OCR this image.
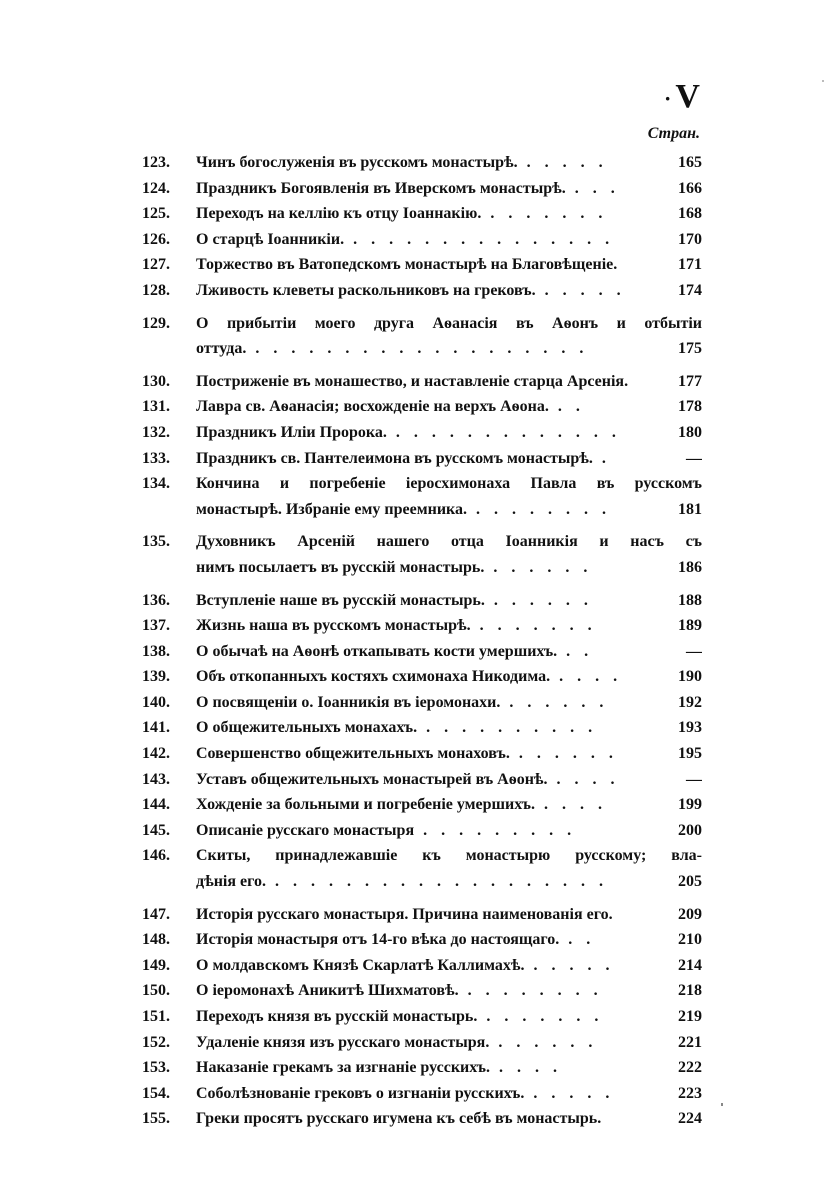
· V
Стран.
123.	Чинъ богослуженія въ русскомъ монастырѣ. . . . . .	165
124.	Праздникъ Богоявленія въ Иверскомъ монастырѣ. . . .	166
125.	Переходъ на келлію къ отцу Іоаннакію. . . . . . . .	168
126.	О старцѣ Іоанникіи. . . . . . . . . . . . . . . .	170
127.	Торжество въ Ватопедскомъ монастырѣ на Благовѣщеніе.	171
128.	Лживость клеветы раскольниковъ на грековъ. . . . . .	174
129.	О прибытіи моего друга Аѳанасія въ Аѳонъ и отбытіи
оттуда. . . . . . . . . . . . . . . . . . . .	175
130.	Постриженіе въ монашество, и наставленіе старца Арсенія.	177
131.	Лавра св. Аѳанасія; восхожденіе на верхъ Аѳона. . .	178
132.	Праздникъ Иліи Пророка. . . . . . . . . . . . . .	180
133.	Праздникъ св. Пантелеимона въ русскомъ монастырѣ. .	—
134.	Кончина и погребеніе іеросхимонаха Павла въ русскомъ
монастырѣ. Избраніе ему преемника. . . . . . . . .	181
135.	Духовникъ Арсеній нашего отца Іоанникія и насъ съ
нимъ посылаетъ въ русскій монастырь. . . . . . .	186
136.	Вступленіе наше въ русскій монастырь. . . . . . .	188
137.	Жизнь наша въ русскомъ монастырѣ. . . . . . . .	189
138.	О обычаѣ на Аѳонѣ откапывать кости умершихъ. . .	—
139.	Объ откопанныхъ костяхъ схимонаха Никодима. . . . .	190
140.	О посвященіи о. Іоанникія въ іеромонахи. . . . . . .	192
141.	О общежительныхъ монахахъ. . . . . . . . . . .	193
142.	Совершенство общежительныхъ монаховъ. . . . . . .	195
143.	Уставъ общежительныхъ монастырей въ Аѳонѣ. . . . .	—
144.	Хожденіе за больными и погребеніе умершихъ. . . . .	199
145.	Описаніе русскаго монастыря . . . . . . . . .	200
146.	Скиты, принадлежавшіе къ монастырю русскому; вла-
дѣнія его. . . . . . . . . . . . . . . . . . . .	205
147.	Исторія русскаго монастыря. Причина наименованія его.	209
148.	Исторія монастыря отъ 14-го вѣка до настоящаго. . .	210
149.	О молдавскомъ Князѣ Скарлатѣ Каллимахѣ. . . . . .	214
150.	О іеромонахѣ Аникитѣ Шихматовѣ. . . . . . . . .	218
151.	Переходъ князя въ русскій монастырь. . . . . . . .	219
152.	Удаленіе князя изъ русскаго монастыря. . . . . . .	221
153.	Наказаніе грекамъ за изгнаніе русскихъ. . . . .	222
154.	Соболѣзнованіе грековъ о изгнаніи русскихъ. . . . . .	223
155.	Греки просятъ русскаго игумена къ себѣ въ монастырь.	224
